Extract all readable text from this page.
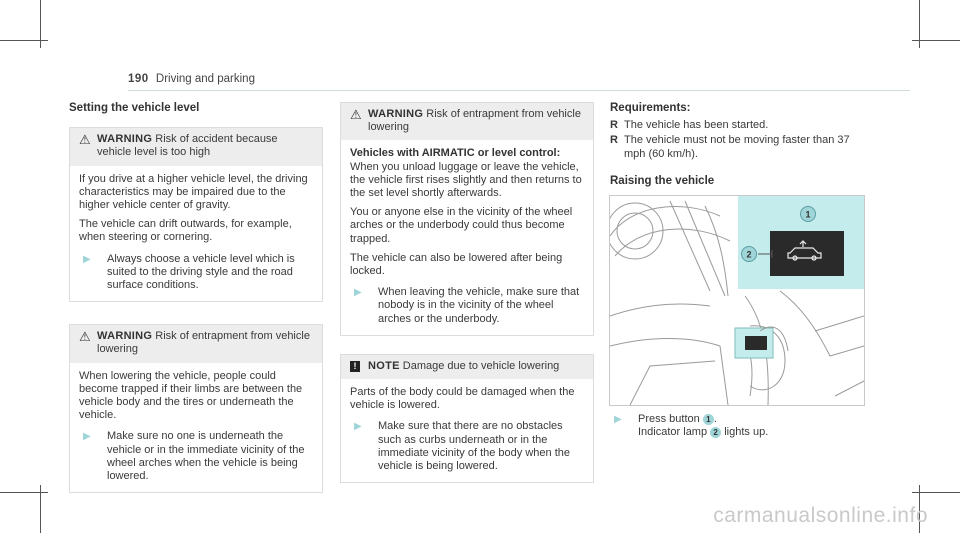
190 Driving and parking
Setting the vehicle level
⚠ WARNING Risk of accident because vehicle level is too high

If you drive at a higher vehicle level, the driving characteristics may be impaired due to the higher vehicle center of gravity.

The vehicle can drift outwards, for example, when steering or cornering.

▶	Always choose a vehicle level which is suited to the driving style and the road surface conditions.
⚠ WARNING Risk of entrapment from vehicle lowering

When lowering the vehicle, people could become trapped if their limbs are between the vehicle body and the tires or underneath the vehicle.

▶	Make sure no one is underneath the vehicle or in the immediate vicinity of the wheel arches when the vehicle is being lowered.
⚠ WARNING Risk of entrapment from vehicle lowering

Vehicles with AIRMATIC or level control:

When you unload luggage or leave the vehicle, the vehicle first rises slightly and then returns to the set level shortly afterwards.

You or anyone else in the vicinity of the wheel arches or the underbody could thus become trapped.

The vehicle can also be lowered after being locked.

▶	When leaving the vehicle, make sure that nobody is in the vicinity of the wheel arches or the underbody.
!	NOTE Damage due to vehicle lowering

Parts of the body could be damaged when the vehicle is lowered.

▶	Make sure that there are no obstacles such as curbs underneath or in the immediate vicinity of the body when the vehicle is being lowered.
Requirements:
R The vehicle has been started.
R The vehicle must not be moving faster than 37 mph (60 km/h).
Raising the vehicle
1
2
▶	Press button 1 .
Indicator lamp 2 lights up.
carmanualsonline.info
